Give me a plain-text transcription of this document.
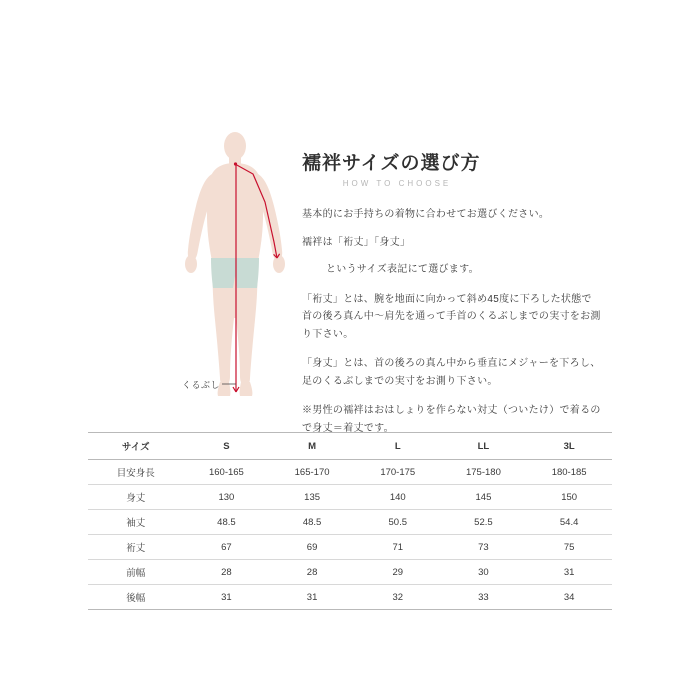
くるぶし
襦袢サイズの選び方
HOW TO CHOOSE

基本的にお手持ちの着物に合わせてお選びください。

襦袢は「裄丈」「身丈」

というサイズ表記にて選びます。

「裄丈」とは、腕を地面に向かって斜め45度に下ろした状態で首の後ろ真ん中〜肩先を通って手首のくるぶしまでの実寸をお測り下さい。

「身丈」とは、首の後ろの真ん中から垂直にメジャーを下ろし、足のくるぶしまでの実寸をお測り下さい。

※男性の襦袢はおはしょりを作らない対丈（ついたけ）で着るので身丈＝着丈です。

サイズ	S	M	L	LL	3L
目安身長	160-165	165-170	170-175	175-180	180-185
身丈	130	135	140	145	150
袖丈	48.5	48.5	50.5	52.5	54.4
裄丈	67	69	71	73	75
前幅	28	28	29	30	31
後幅	31	31	32	33	34
